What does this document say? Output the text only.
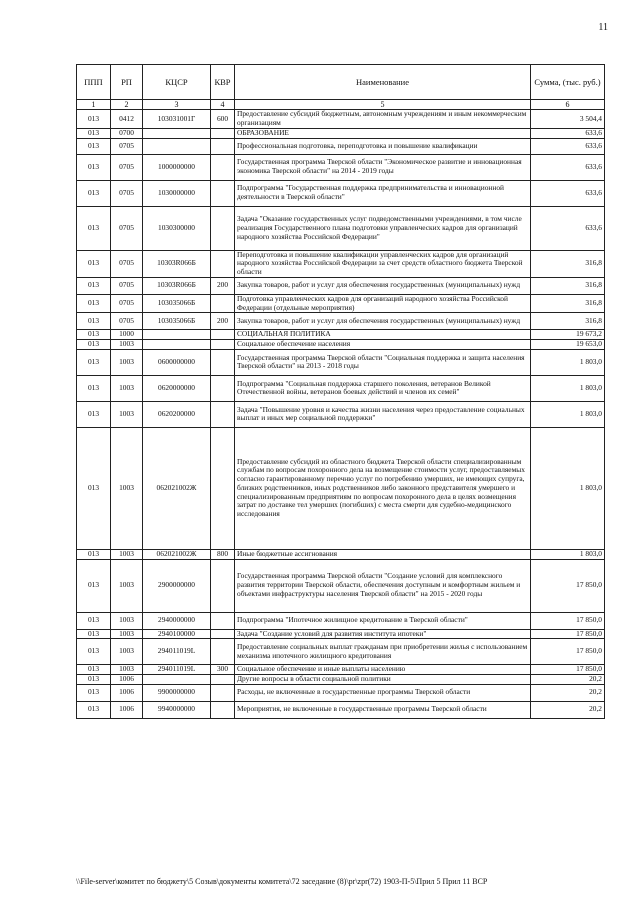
11
ППП	РП	КЦСР	КВР	Наименование	Сумма, (тыс. руб.)
1	2	3	4	5	6
013	0412	103031001Г	600	Предоставление субсидий бюджетным, автономным учреждениям и иным некоммерческим организациям	3 504,4
013	0700			ОБРАЗОВАНИЕ	633,6
013	0705			Профессиональная подготовка, переподготовка и повышение квалификации	633,6
013	0705	1000000000		Государственная программа Тверской области "Экономическое развитие и инновационная экономика Тверской области" на 2014 - 2019 годы	633,6
013	0705	1030000000		Подпрограмма "Государственная поддержка предпринимательства и инновационной деятельности в Тверской области"	633,6
013	0705	1030300000		Задача "Оказание государственных услуг подведомственными учреждениями, в том числе реализация Государственного плана подготовки управленческих кадров для организаций народного хозяйства Российской Федерации"	633,6
013	0705	10303R066Б		Переподготовка и повышение квалификации управленческих кадров для организаций народного хозяйства Российской Федерации за счет средств областного бюджета Тверской области	316,8
013	0705	10303R066Б	200	Закупка товаров, работ и услуг для обеспечения государственных (муниципальных) нужд	316,8
013	0705	103035066Б		Подготовка управленческих кадров для организаций народного хозяйства Российской Федерации (отдельные мероприятия)	316,8
013	0705	103035066Б	200	Закупка товаров, работ и услуг для обеспечения государственных (муниципальных) нужд	316,8
013	1000			СОЦИАЛЬНАЯ ПОЛИТИКА	19 673,2
013	1003			Социальное обеспечение населения	19 653,0
013	1003	0600000000		Государственная программа Тверской области "Социальная поддержка и защита населения Тверской области" на 2013 - 2018 годы	1 803,0
013	1003	0620000000		Подпрограмма "Социальная поддержка старшего поколения, ветеранов Великой Отечественной войны, ветеранов боевых действий и членов их семей"	1 803,0
013	1003	0620200000		Задача "Повышение уровня и качества жизни населения через предоставление социальных выплат и иных мер социальной поддержки"	1 803,0
013	1003	062021002Ж		Предоставление субсидий из областного бюджета Тверской области специализированным службам по вопросам похоронного дела на возмещение стоимости услуг, предоставляемых согласно гарантированному перечню услуг по погребению умерших, не имеющих супруга, близких родственников, иных родственников либо законного представителя умершего и специализированным предприятиям по вопросам похоронного дела в целях возмещения затрат по доставке тел умерших (погибших) с места смерти для судебно-медицинского исследования	1 803,0
013	1003	062021002Ж	800	Иные бюджетные ассигнования	1 803,0
013	1003	2900000000		Государственная программа Тверской области "Создание условий для комплексного развития территории Тверской области, обеспечения доступным и комфортным жильем и объектами инфраструктуры населения Тверской области" на 2015 - 2020 годы	17 850,0
013	1003	2940000000		Подпрограмма "Ипотечное жилищное кредитование в Тверской области"	17 850,0
013	1003	2940100000		Задача "Создание условий для развития института ипотеки"	17 850,0
013	1003	294011019L		Предоставление социальных выплат гражданам при приобретении жилья с использованием механизма ипотечного жилищного кредитования	17 850,0
013	1003	294011019L	300	Социальное обеспечение и иные выплаты населению	17 850,0
013	1006			Другие вопросы в области социальной политики	20,2
013	1006	9900000000		Расходы, не включенные в государственные программы Тверской области	20,2
013	1006	9940000000		Мероприятия, не включенные в государственные программы Тверской области	20,2
\\File-server\комитет по бюджету\5 Созыв\документы комитета\72 заседание (8)\pr\zpr(72) 1903-П-5\Прил 5 Прил 11 ВСР
